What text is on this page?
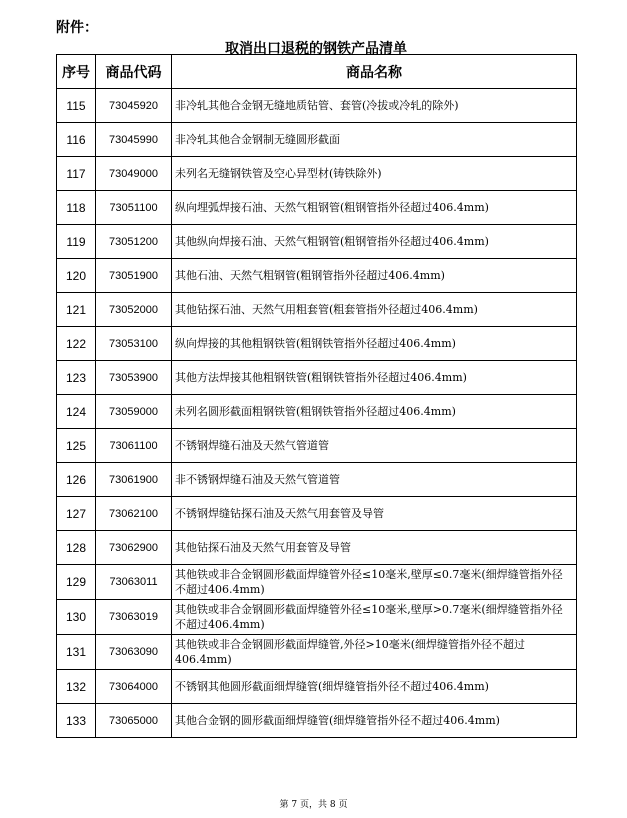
附件：
取消出口退税的钢铁产品清单
序号	商品代码	商品名称
115	73045920	非冷轧其他合金钢无缝地质钻管、套管(冷拔或冷轧的除外)
116	73045990	非冷轧其他合金钢制无缝圆形截面
117	73049000	未列名无缝钢铁管及空心异型材(铸铁除外)
118	73051100	纵向埋弧焊接石油、天然气粗钢管(粗钢管指外径超过406.4mm)
119	73051200	其他纵向焊接石油、天然气粗钢管(粗钢管指外径超过406.4mm)
120	73051900	其他石油、天然气粗钢管(粗钢管指外径超过406.4mm)
121	73052000	其他钻探石油、天然气用粗套管(粗套管指外径超过406.4mm)
122	73053100	纵向焊接的其他粗钢铁管(粗钢铁管指外径超过406.4mm)
123	73053900	其他方法焊接其他粗钢铁管(粗钢铁管指外径超过406.4mm)
124	73059000	未列名圆形截面粗钢铁管(粗钢铁管指外径超过406.4mm)
125	73061100	不锈钢焊缝石油及天然气管道管
126	73061900	非不锈钢焊缝石油及天然气管道管
127	73062100	不锈钢焊缝钻探石油及天然气用套管及导管
128	73062900	其他钻探石油及天然气用套管及导管
129	73063011	其他铁或非合金钢圆形截面焊缝管外径≤10毫米,壁厚≤0.7毫米(细焊缝管指外径不超过406.4mm)
130	73063019	其他铁或非合金钢圆形截面焊缝管外径≤10毫米,壁厚>0.7毫米(细焊缝管指外径不超过406.4mm)
131	73063090	其他铁或非合金钢圆形截面焊缝管,外径>10毫米(细焊缝管指外径不超过406.4mm)
132	73064000	不锈钢其他圆形截面细焊缝管(细焊缝管指外径不超过406.4mm)
133	73065000	其他合金钢的圆形截面细焊缝管(细焊缝管指外径不超过406.4mm)
第 7 页，共 8 页
